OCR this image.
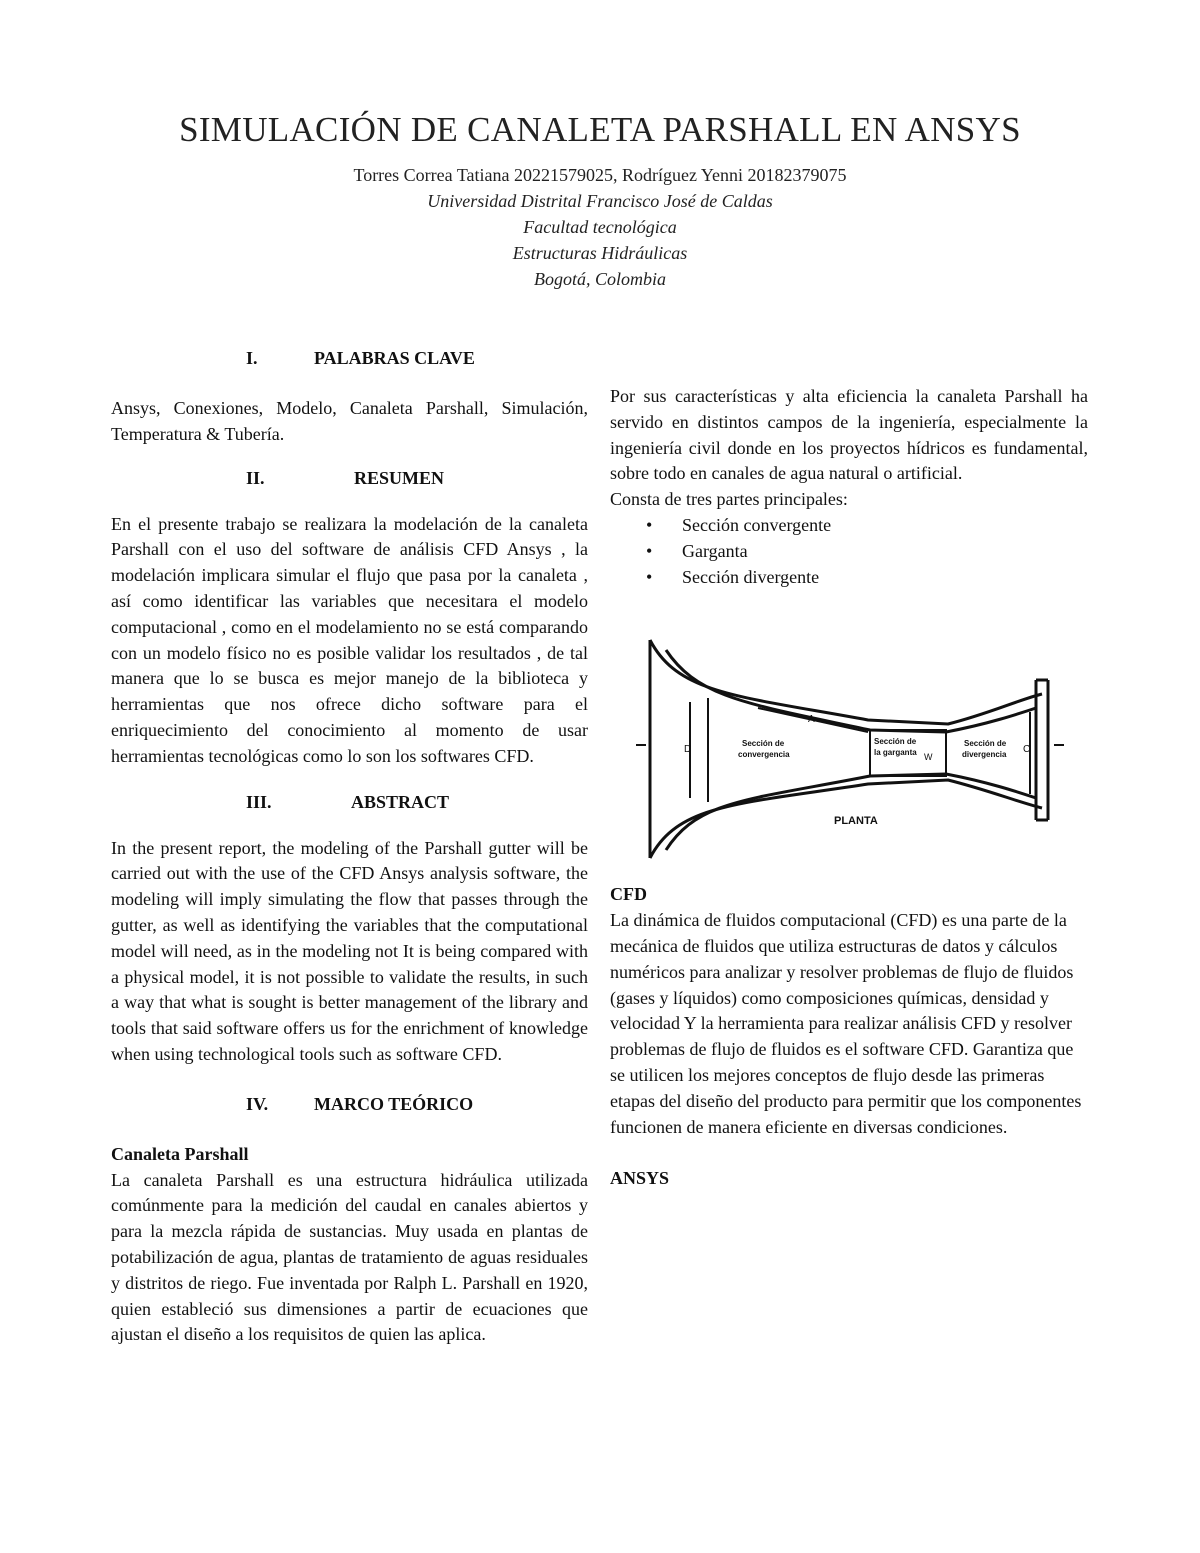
SIMULACIÓN DE CANALETA PARSHALL EN ANSYS

Torres Correa Tatiana 20221579025, Rodríguez Yenni 20182379075

Universidad Distrital Francisco José de Caldas

Facultad tecnológica

Estructuras Hidráulicas

Bogotá, Colombia

I.	PALABRAS CLAVE

Ansys, Conexiones, Modelo, Canaleta Parshall, Simulación, Temperatura & Tubería.

II.	RESUMEN

En el presente trabajo se realizara la modelación de la canaleta Parshall con el uso del software de análisis CFD Ansys , la modelación implicara simular el flujo que pasa por la canaleta , así como identificar las variables que necesitara el modelo computacional , como en el modelamiento no se está comparando con un modelo físico no es posible validar los resultados , de tal manera que lo se busca es mejor manejo de la biblioteca y herramientas que nos ofrece dicho software para el enriquecimiento del conocimiento al momento de usar herramientas tecnológicas como lo son los softwares CFD.

III.	ABSTRACT

In the present report, the modeling of the Parshall gutter will be carried out with the use of the CFD Ansys analysis software, the modeling will imply simulating the flow that passes through the gutter, as well as identifying the variables that the computational model will need, as in the modeling not It is being compared with a physical model, it is not possible to validate the results, in such a way that what is sought is better management of the library and tools that said software offers us for the enrichment of knowledge when using technological tools such as software CFD.

IV.	MARCO TEÓRICO

Canaleta Parshall

La canaleta Parshall es una estructura hidráulica utilizada comúnmente para la medición del caudal en canales abiertos y para la mezcla rápida de sustancias. Muy usada en plantas de potabilización de agua, plantas de tratamiento de aguas residuales y distritos de riego. Fue inventada por Ralph L. Parshall en 1920, quien estableció sus dimensiones a partir de ecuaciones que ajustan el diseño a los requisitos de quien las aplica.

Por sus características y alta eficiencia la canaleta Parshall ha servido en distintos campos de la ingeniería, especialmente la ingeniería civil donde en los proyectos hídricos es fundamental, sobre todo en canales de agua natural o artificial.

Consta de tres partes principales:

• Sección convergente
• Garganta
• Sección divergente

CFD

La dinámica de fluidos computacional (CFD) es una parte de la mecánica de fluidos que utiliza estructuras de datos y cálculos numéricos para analizar y resolver problemas de flujo de fluidos (gases y líquidos) como composiciones químicas, densidad y velocidad Y la herramienta para realizar análisis CFD y resolver problemas de flujo de fluidos es el software CFD. Garantiza que se utilicen los mejores conceptos de flujo desde las primeras etapas del diseño del producto para permitir que los componentes funcionen de manera eficiente en diversas condiciones.

ANSYS

D
A
W
C
Sección de convergencia
Sección de la garganta
Sección de divergencia
PLANTA
